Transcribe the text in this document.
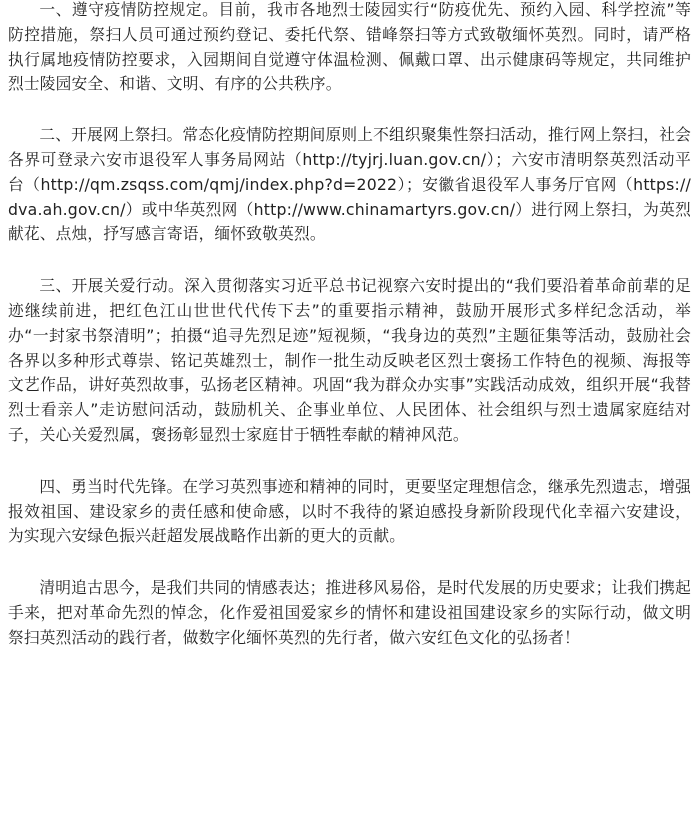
一、遵守疫情防控规定。目前，我市各地烈士陵园实行“防疫优先、预约入园、科学控流”等防控措施，祭扫人员可通过预约登记、委托代祭、错峰祭扫等方式致敬缅怀英烈。同时，请严格执行属地疫情防控要求，入园期间自觉遵守体温检测、佩戴口罩、出示健康码等规定，共同维护烈士陵园安全、和谐、文明、有序的公共秩序。

二、开展网上祭扫。常态化疫情防控期间原则上不组织聚集性祭扫活动，推行网上祭扫，社会各界可登录六安市退役军人事务局网站（http://tyjrj.luan.gov.cn/）；六安市清明祭英烈活动平台（http://qm.zsqss.com/qmj/index.php?d=2022）；安徽省退役军人事务厅官网（https://dva.ah.gov.cn/）或中华英烈网（http://www.chinamartyrs.gov.cn/）进行网上祭扫，为英烈献花、点烛，抒写感言寄语，缅怀致敬英烈。

三、开展关爱行动。深入贯彻落实习近平总书记视察六安时提出的“我们要沿着革命前辈的足迹继续前进，把红色江山世世代代传下去”的重要指示精神，鼓励开展形式多样纪念活动，举办“一封家书祭清明”；拍摄“追寻先烈足迹”短视频，“我身边的英烈”主题征集等活动，鼓励社会各界以多种形式尊崇、铭记英雄烈士，制作一批生动反映老区烈士褒扬工作特色的视频、海报等文艺作品，讲好英烈故事，弘扬老区精神。巩固“我为群众办实事”实践活动成效，组织开展“我替烈士看亲人”走访慰问活动，鼓励机关、企事业单位、人民团体、社会组织与烈士遗属家庭结对子，关心关爱烈属，褒扬彰显烈士家庭甘于牺牲奉献的精神风范。

四、勇当时代先锋。在学习英烈事迹和精神的同时，更要坚定理想信念，继承先烈遗志，增强报效祖国、建设家乡的责任感和使命感，以时不我待的紧迫感投身新阶段现代化幸福六安建设，为实现六安绿色振兴赶超发展战略作出新的更大的贡献。

清明追古思今，是我们共同的情感表达；推进移风易俗，是时代发展的历史要求；让我们携起手来，把对革命先烈的悼念，化作爱祖国爱家乡的情怀和建设祖国建设家乡的实际行动，做文明祭扫英烈活动的践行者，做数字化缅怀英烈的先行者，做六安红色文化的弘扬者！
